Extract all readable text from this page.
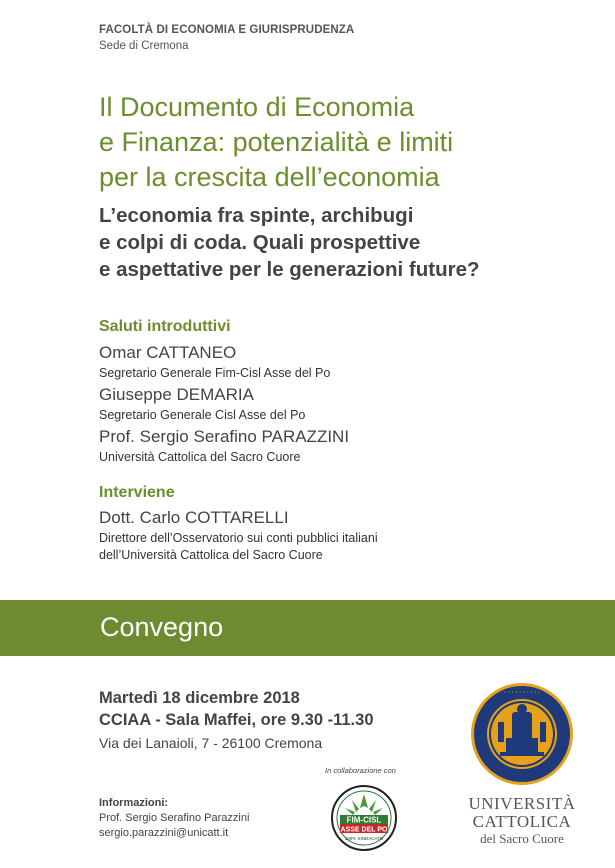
FACOLTÀ DI ECONOMIA E GIURISPRUDENZA
Sede di Cremona
Il Documento di Economia
e Finanza: potenzialità e limiti
per la crescita dell’economia
L’economia fra spinte, archibugi
e colpi di coda. Quali prospettive
e aspettative per le generazioni future?
Saluti introduttivi
Omar CATTANEO
Segretario Generale Fim-Cisl Asse del Po
Giuseppe DEMARIA
Segretario Generale Cisl Asse del Po
Prof. Sergio Serafino PARAZZINI
Università Cattolica del Sacro Cuore
Interviene
Dott. Carlo COTTARELLI
Direttore dell’Osservatorio sui conti pubblici italiani
dell’Università Cattolica del Sacro Cuore
Convegno
Martedì 18 dicembre 2018
CCIAA - Sala Maffei, ore 9.30 -11.30
Via dei Lanaioli, 7 - 26100 Cremona
In collaborazione con
Informazioni:
Prof. Sergio Serafino Parazzini
sergio.parazzini@unicatt.it
FIM-CISL
ASSE DEL PO
100% SINDACATO
· · · · · · · · · ·
UNIVERSITÀ
CATTOLICA
del Sacro Cuore
